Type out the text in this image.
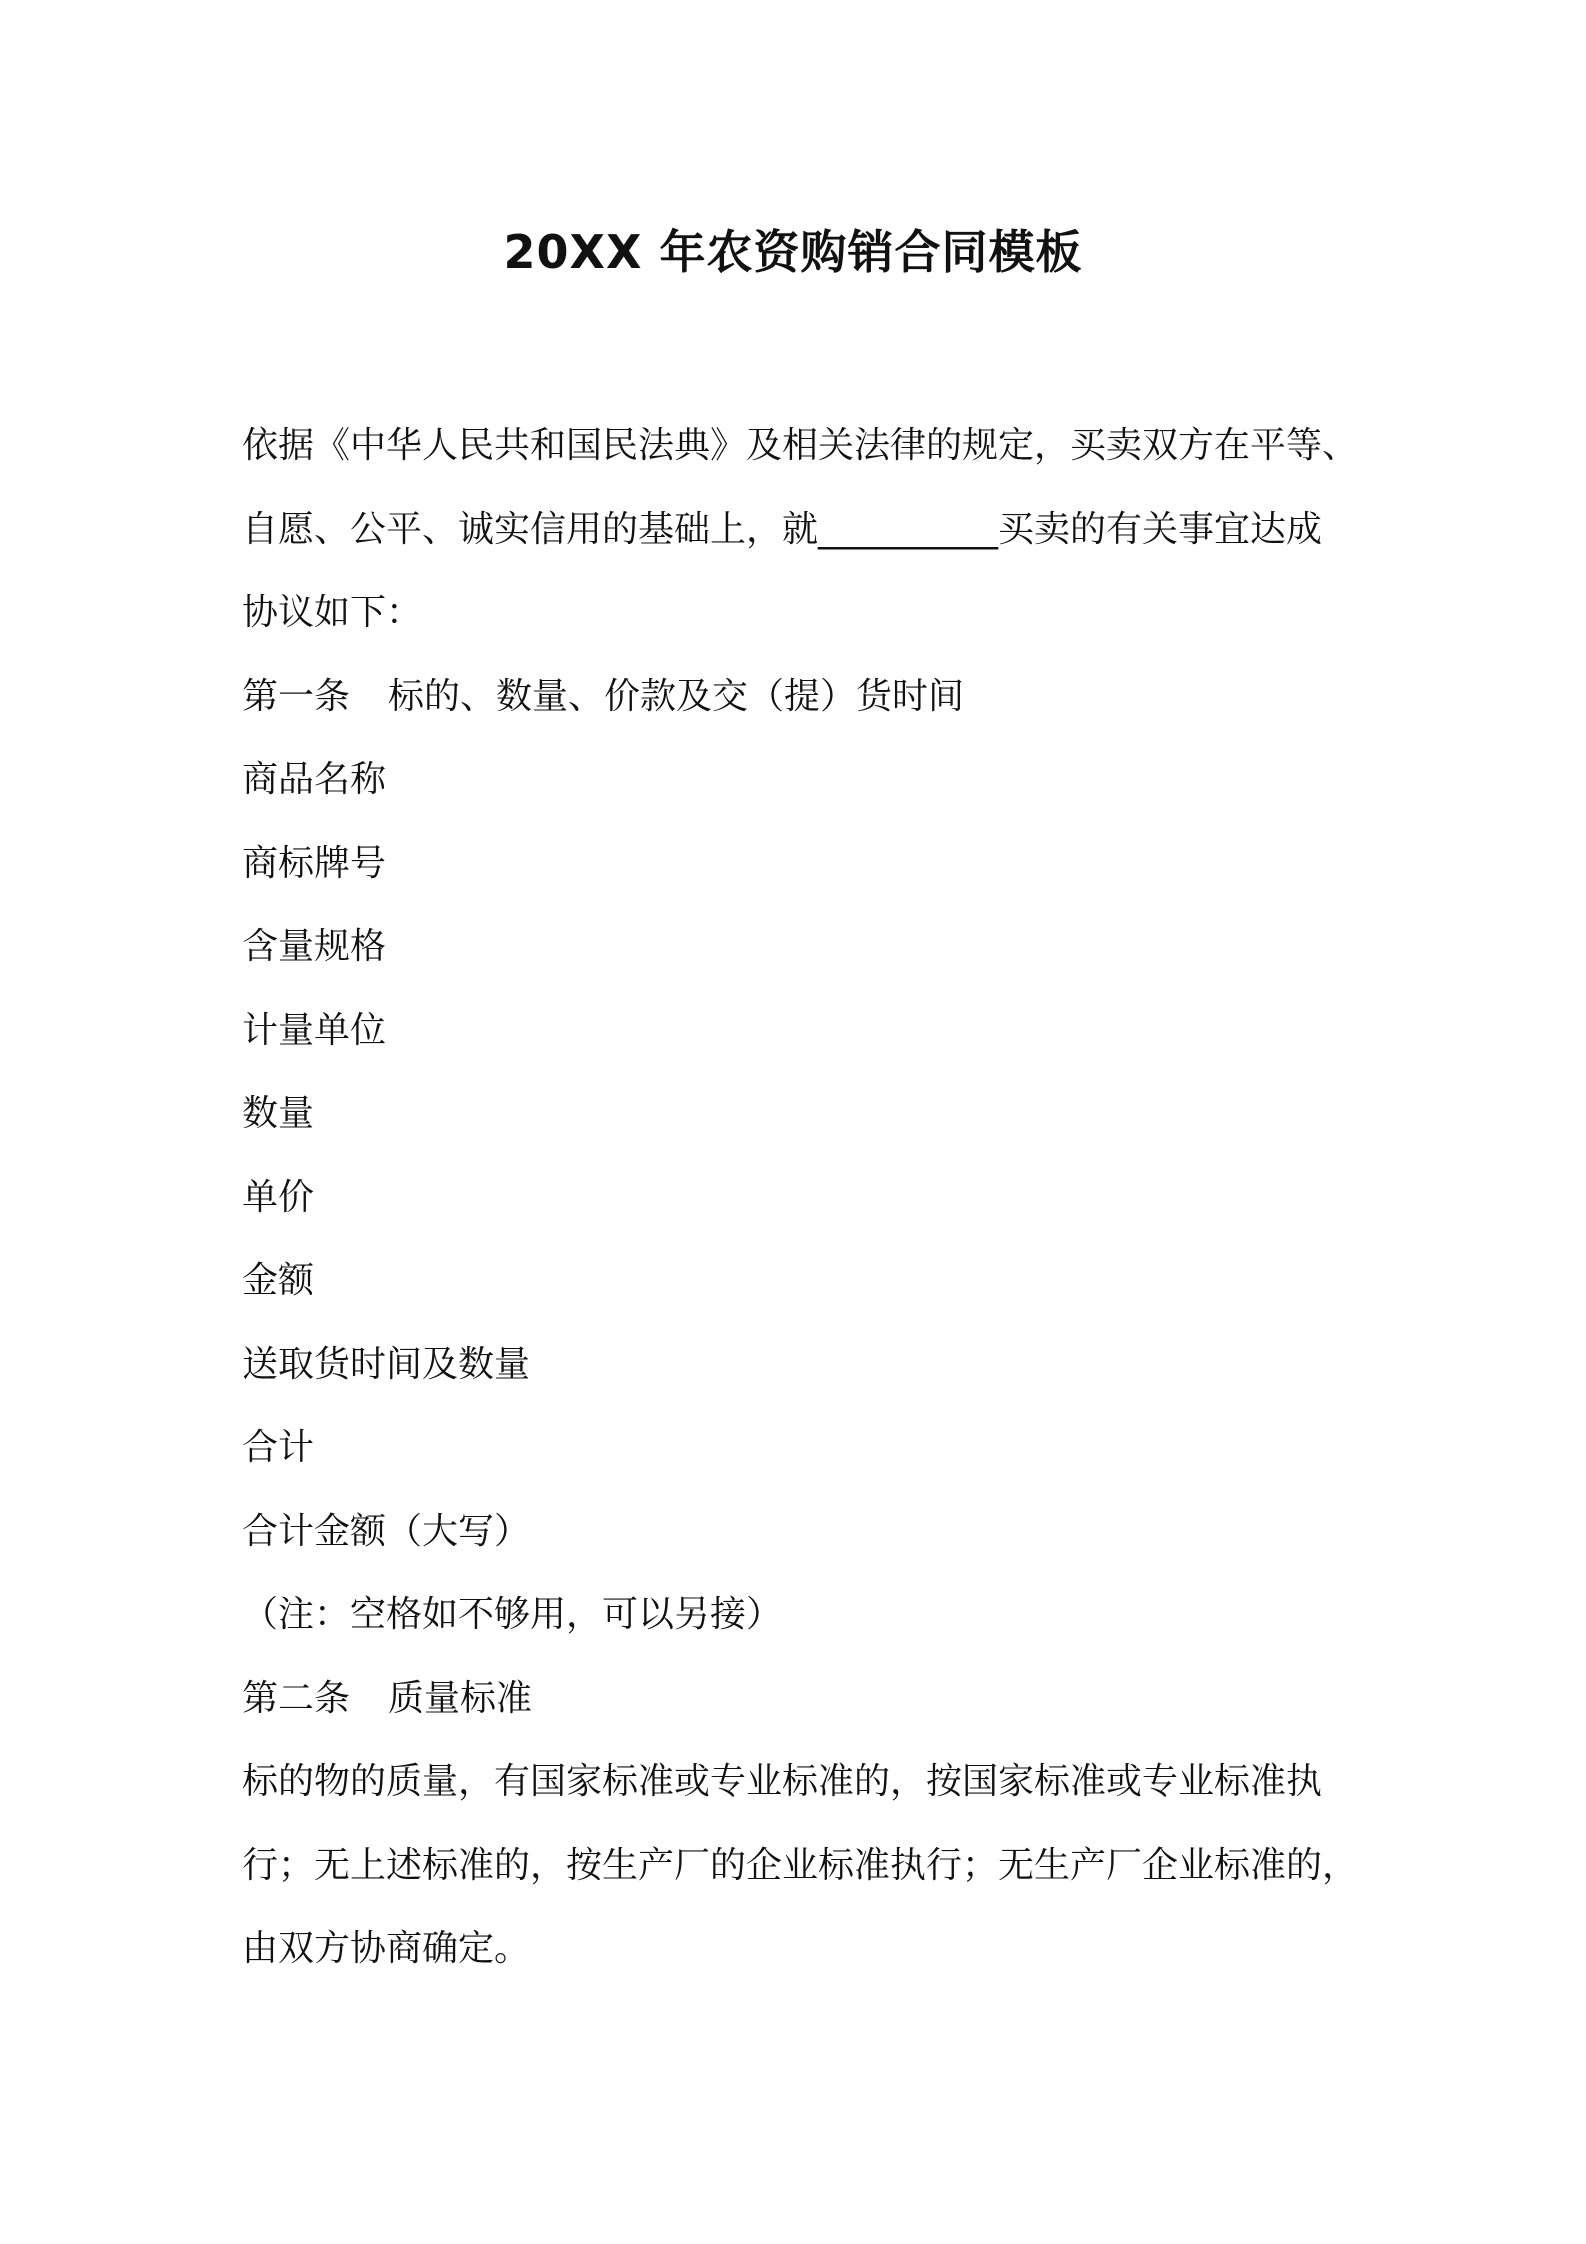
20XX 年农资购销合同模板
依据《中华人民共和国民法典》及相关法律的规定，买卖双方在平等、
自愿、公平、诚实信用的基础上，就__________买卖的有关事宜达成
协议如下：
第一条 标的、数量、价款及交（提）货时间
商品名称
商标牌号
含量规格
计量单位
数量
单价
金额
送取货时间及数量
合计
合计金额（大写）
（注：空格如不够用，可以另接）
第二条 质量标准
标的物的质量，有国家标准或专业标准的，按国家标准或专业标准执
行；无上述标准的，按生产厂的企业标准执行；无生产厂企业标准的，
由双方协商确定。
